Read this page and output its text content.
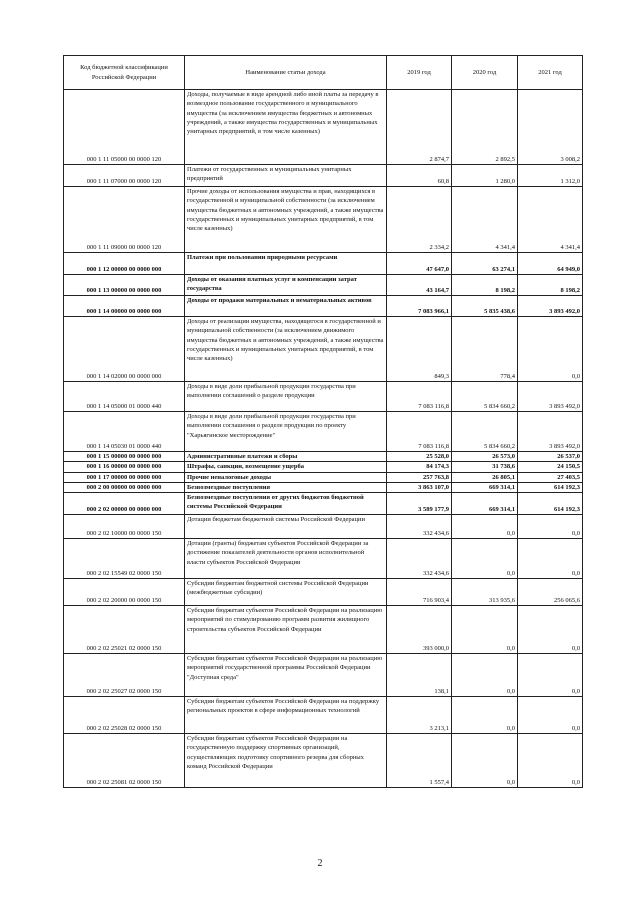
Код бюджетной классификации Российской Федерации	Наименование статьи дохода	2019 год	2020 год	2021 год
000 1 11 05000 00 0000 120	Доходы, получаемые в виде арендной либо иной платы за передачу в возмездное пользование государственного и муниципального имущества (за исключением имущества бюджетных и автономных учреждений, а также имущества государственных и муниципальных унитарных предприятий, в том числе казенных)	2 874,7	2 892,5	3 008,2
000 1 11 07000 00 0000 120	Платежи от государственных и муниципальных унитарных предприятий	60,8	1 280,0	1 312,0
000 1 11 09000 00 0000 120	Прочие доходы от использования имущества и прав, находящихся в государственной и муниципальной собственности (за исключением имущества бюджетных и автономных учреждений, а также имущества государственных и муниципальных унитарных предприятий, в том числе казенных)	2 334,2	4 341,4	4 341,4
000 1 12 00000 00 0000 000	Платежи при пользовании природными ресурсами	47 647,0	63 274,1	64 949,0
000 1 13 00000 00 0000 000	Доходы от оказания платных услуг и компенсации затрат государства	43 164,7	8 198,2	8 198,2
000 1 14 00000 00 0000 000	Доходы от продажи материальных и нематериальных активов	7 083 966,1	5 835 438,6	3 893 492,0
000 1 14 02000 00 0000 000	Доходы от реализации имущества, находящегося в государственной и муниципальной собственности (за исключением движимого имущества бюджетных и автономных учреждений, а также имущества государственных и муниципальных унитарных предприятий, в том числе казенных)	849,3	778,4	0,0
000 1 14 05000 01 0000 440	Доходы в виде доли прибыльной продукции государства при выполнении соглашений о разделе продукции	7 083 116,8	5 834 660,2	3 893 492,0
000 1 14 05030 01 0000 440	Доходы в виде доли прибыльной продукции государства при выполнении соглашения о разделе продукции по проекту "Харьягинское месторождение"	7 083 116,8	5 834 660,2	3 893 492,0
000 1 15 00000 00 0000 000	Административные платежи и сборы	25 528,0	26 573,0	26 537,0
000 1 16 00000 00 0000 000	Штрафы, санкции, возмещение ущерба	84 174,3	31 738,6	24 150,5
000 1 17 00000 00 0000 000	Прочие неналоговые доходы	257 763,8	26 805,1	27 403,5
000 2 00 00000 00 0000 000	Безвозмездные поступления	3 863 107,0	669 314,1	614 192,3
000 2 02 00000 00 0000 000	Безвозмездные поступления от других бюджетов бюджетной системы Российской Федерации	3 589 177,9	669 314,1	614 192,3
000 2 02 10000 00 0000 150	Дотации бюджетам бюджетной системы Российской Федерации	332 434,6	0,0	0,0
000 2 02 15549 02 0000 150	Дотации (гранты) бюджетам субъектов Российской Федерации за достижение показателей деятельности органов исполнительной власти субъектов Российской Федерации	332 434,6	0,0	0,0
000 2 02 20000 00 0000 150	Субсидии бюджетам бюджетной системы Российской Федерации (межбюджетные субсидии)	716 903,4	313 935,6	256 065,6
000 2 02 25021 02 0000 150	Субсидии бюджетам субъектов Российской Федерации на реализацию мероприятий по стимулированию программ развития жилищного строительства субъектов Российской Федерации	393 000,0	0,0	0,0
000 2 02 25027 02 0000 150	Субсидии бюджетам субъектов Российской Федерации на реализацию мероприятий государственной программы Российской Федерации "Доступная среда"	138,1	0,0	0,0
000 2 02 25028 02 0000 150	Субсидии бюджетам субъектов Российской Федерации на поддержку региональных проектов в сфере информационных технологий	3 213,1	0,0	0,0
000 2 02 25081 02 0000 150	Субсидии бюджетам субъектов Российской Федерации на государственную поддержку спортивных организаций, осуществляющих подготовку спортивного резерва для сборных команд Российской Федерации	1 557,4	0,0	0,0
2
